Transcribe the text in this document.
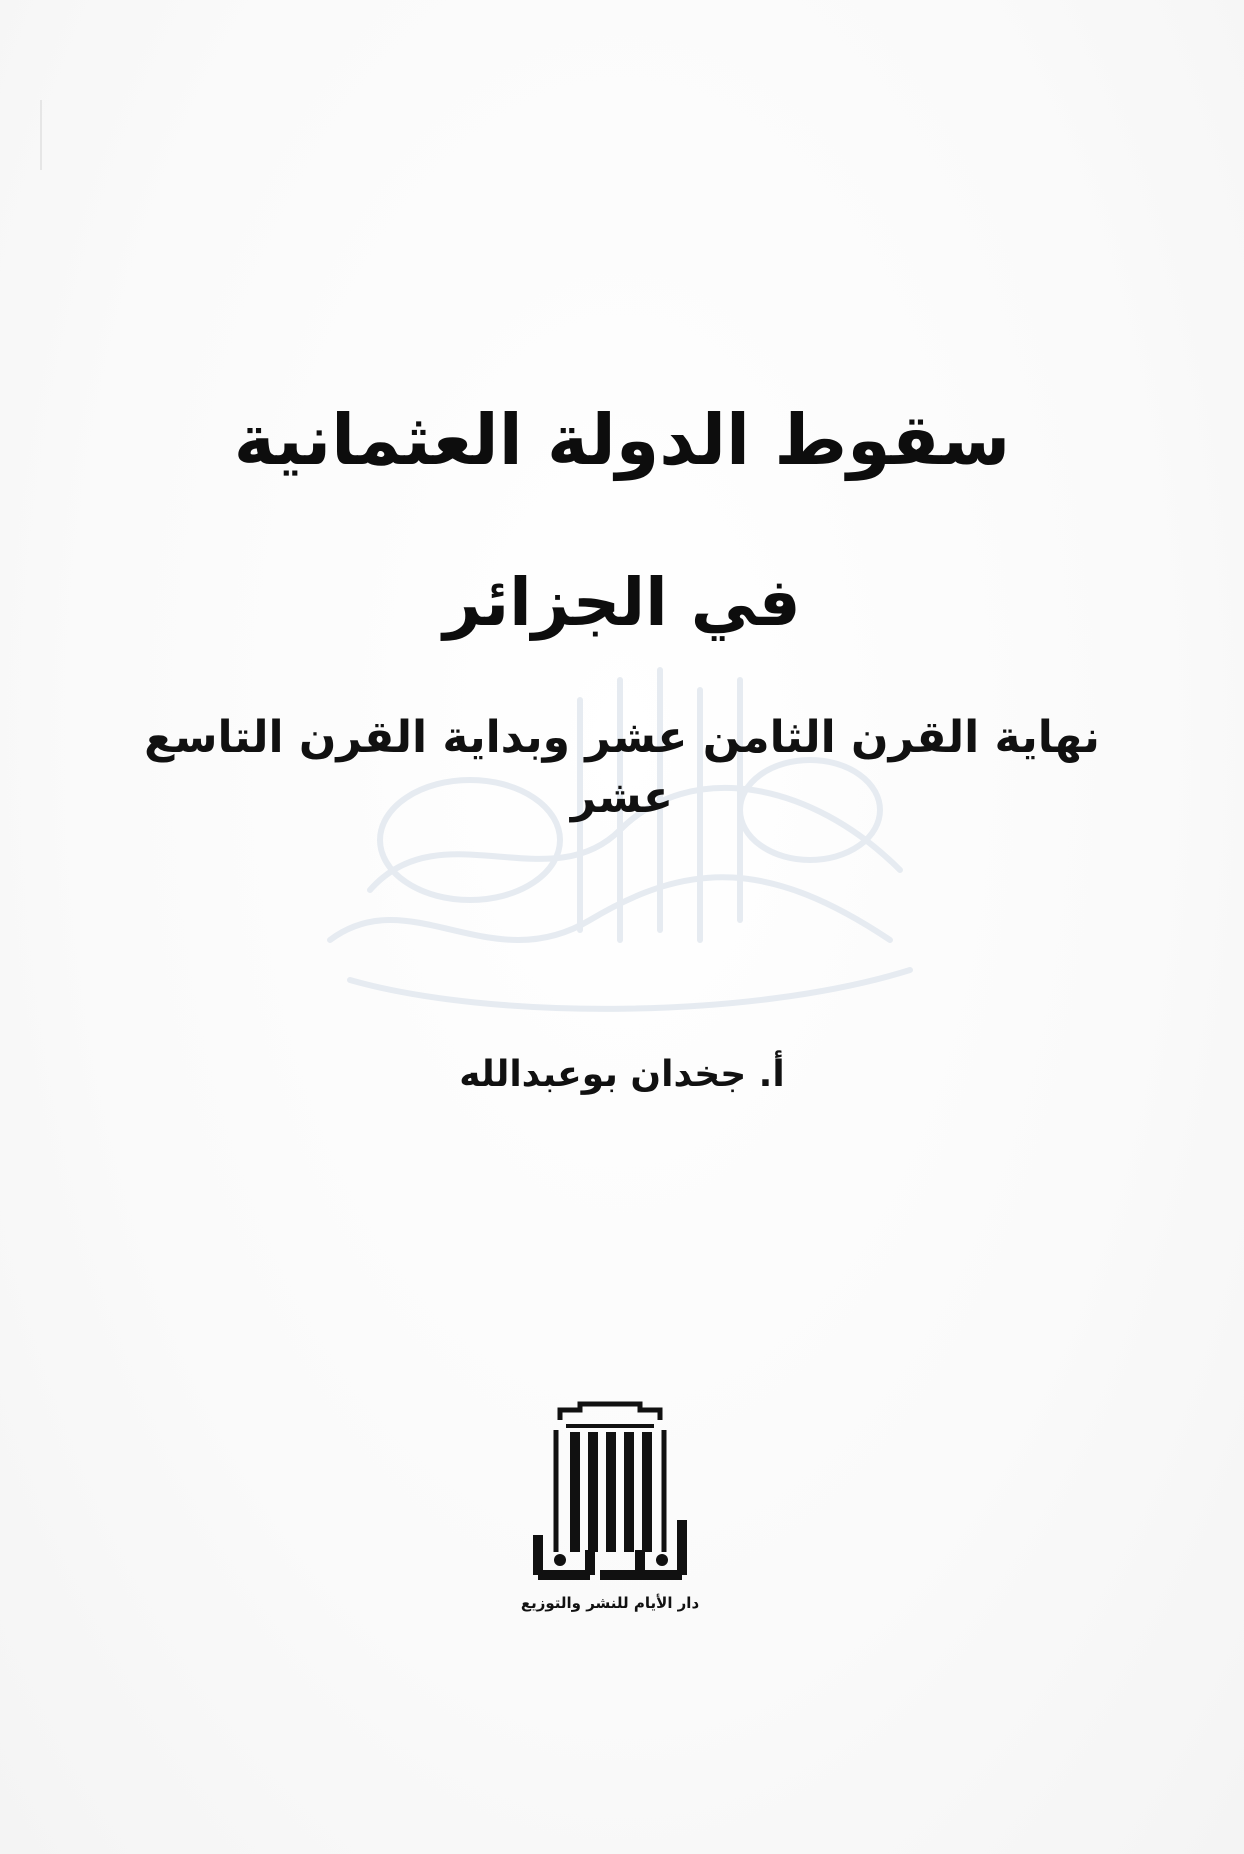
سقوط الدولة العثمانية
في الجزائر
نهاية القرن الثامن عشر وبداية القرن التاسع عشر
أ. جخدان بوعبدالله
دار الأيام للنشر والتوزيع
